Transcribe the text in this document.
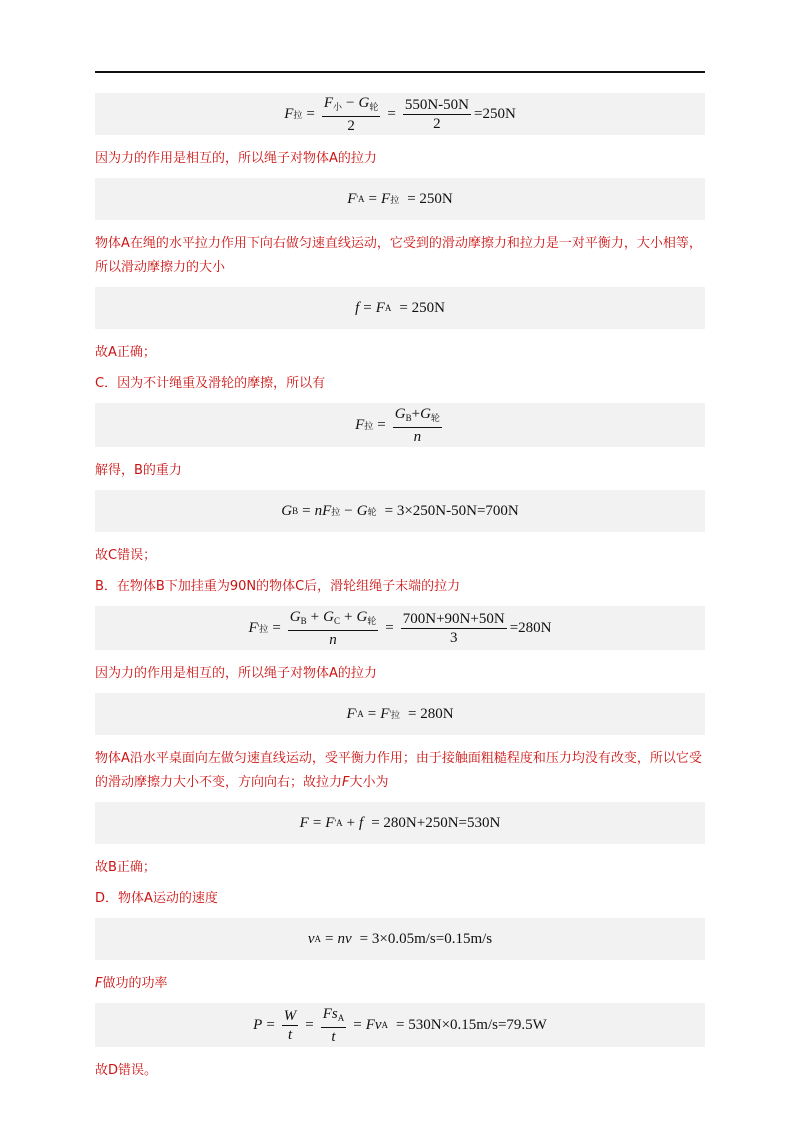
F 拉 = $\frac{F_小 - G_轮}{2} = \frac{550N-50N}{2} =250N$

因为力的作用是相互的，所以绳子对物体A的拉力

F ' A = F 拉 = 250N

物体A在绳的水平拉力作用下向右做匀速直线运动，它受到的滑动摩擦力和拉力是一对平衡力，大小相等，所以滑动摩擦力的大小

f = F A = 250N

故A正确；

C．因为不计绳重及滑轮的摩擦，所以有

F 拉 = $\frac{G_B+G_轮}{n}$

解得，B的重力

G B = n F 拉 − G 轮 = 3×250N-50N=700N

故C错误；

B．在物体B下加挂重为90N的物体C后，滑轮组绳子末端的拉力

F ' 拉 = $\frac{G_B + G_C + G_轮}{n} = \frac{700N+90N+50N}{3} =280N$

因为力的作用是相互的，所以绳子对物体A的拉力

F ' A = F ' 拉 = 280N

物体A沿水平桌面向左做匀速直线运动，受平衡力作用；由于接触面粗糙程度和压力均没有改变，所以它受的滑动摩擦力大小不变，方向向右；故拉力F大小为

F = F ' A + f = 280N+250N=530N

故B正确；

D．物体A运动的速度

v A = nv = 3×0.05m/s=0.15m/s

F做功的功率

$P = \frac{W}{t} = \frac{Fs_A}{t} = Fv$ A = 530N×0.15m/s=79.5W

故D错误。
